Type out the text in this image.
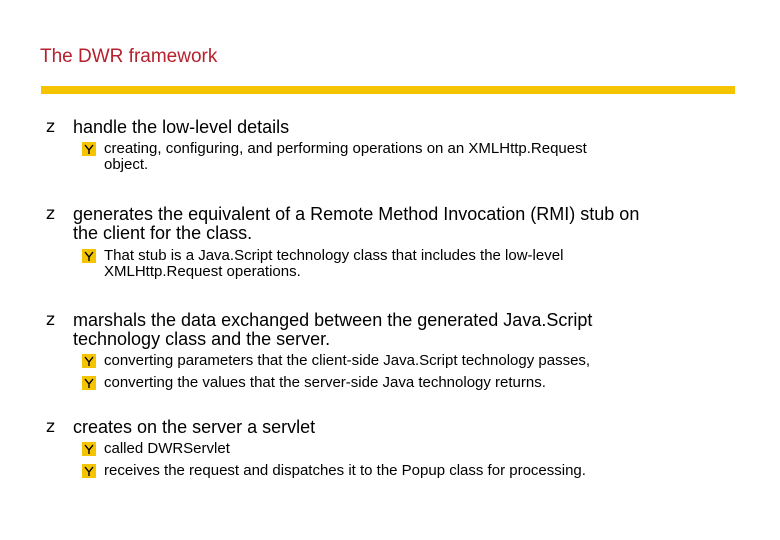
The DWR framework
z handle the low-level details
creating, configuring, and performing operations on an XMLHttp.Request
object.
z generates the equivalent of a Remote Method Invocation (RMI) stub on
the client for the class.
That stub is a Java.Script technology class that includes the low-level
XMLHttp.Request operations.
z marshals the data exchanged between the generated Java.Script
technology class and the server.
converting parameters that the client-side Java.Script technology passes,
converting the values that the server-side Java technology returns.
z creates on the server a servlet
called DWRServlet
receives the request and dispatches it to the Popup class for processing.
